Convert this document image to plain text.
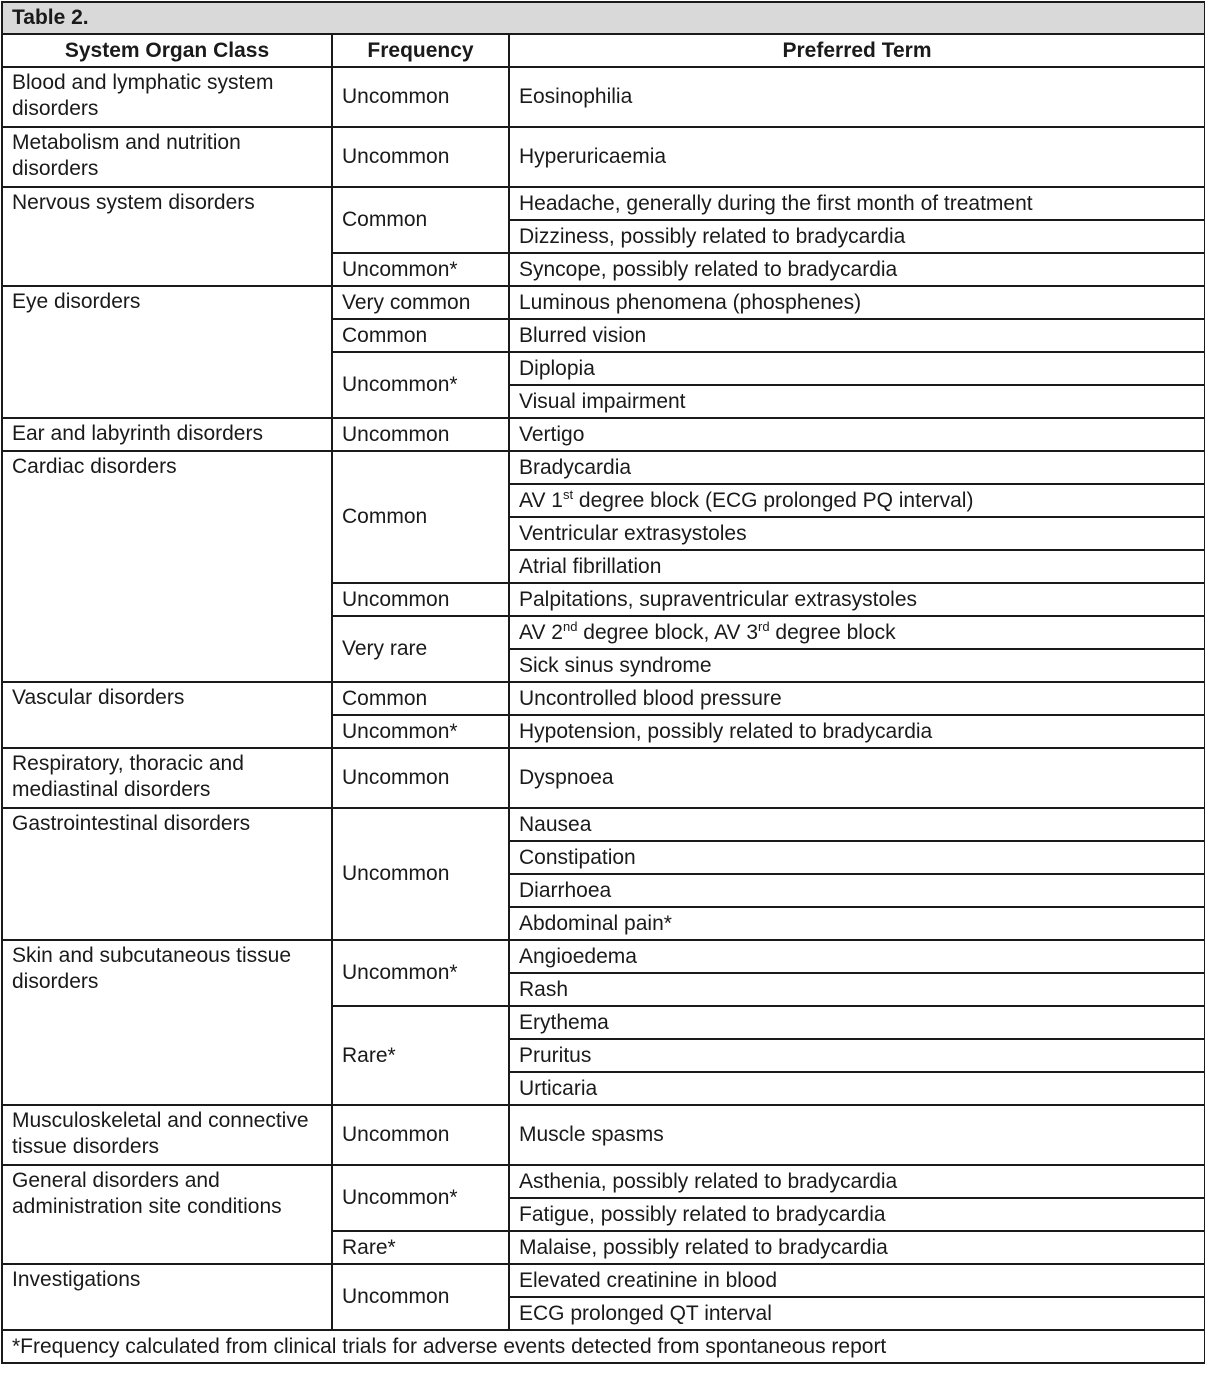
Table 2.		
System Organ Class	Frequency	Preferred Term
Blood and lymphatic system disorders	Uncommon	Eosinophilia
Metabolism and nutrition disorders	Uncommon	Hyperuricaemia
Nervous system disorders	Common	Headache, generally during the first month of treatment
		Dizziness, possibly related to bradycardia
	Uncommon*	Syncope, possibly related to bradycardia
Eye disorders	Very common	Luminous phenomena (phosphenes)
	Common	Blurred vision
	Uncommon*	Diplopia
		Visual impairment
Ear and labyrinth disorders	Uncommon	Vertigo
Cardiac disorders	Common	Bradycardia
		AV 1st degree block (ECG prolonged PQ interval)
		Ventricular extrasystoles
		Atrial fibrillation
	Uncommon	Palpitations, supraventricular extrasystoles
	Very rare	AV 2nd degree block, AV 3rd degree block
		Sick sinus syndrome
Vascular disorders	Common	Uncontrolled blood pressure
	Uncommon*	Hypotension, possibly related to bradycardia
Respiratory, thoracic and mediastinal disorders	Uncommon	Dyspnoea
Gastrointestinal disorders	Uncommon	Nausea
		Constipation
		Diarrhoea
		Abdominal pain*
Skin and subcutaneous tissue disorders	Uncommon*	Angioedema
		Rash
	Rare*	Erythema
		Pruritus
		Urticaria
Musculoskeletal and connective tissue disorders	Uncommon	Muscle spasms
General disorders and administration site conditions	Uncommon*	Asthenia, possibly related to bradycardia
		Fatigue, possibly related to bradycardia
	Rare*	Malaise, possibly related to bradycardia
Investigations	Uncommon	Elevated creatinine in blood
		ECG prolonged QT interval
*Frequency calculated from clinical trials for adverse events detected from spontaneous report		
